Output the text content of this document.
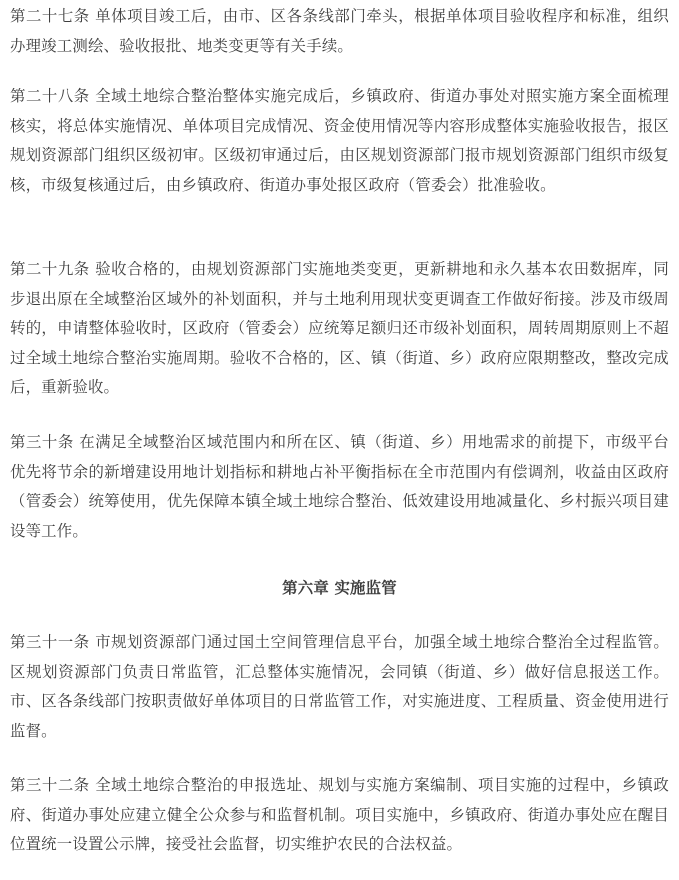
第二十七条 单体项目竣工后，由市、区各条线部门牵头，根据单体项目验收程序和标准，组织办理竣工测绘、验收报批、地类变更等有关手续。

第二十八条 全域土地综合整治整体实施完成后，乡镇政府、街道办事处对照实施方案全面梳理核实，将总体实施情况、单体项目完成情况、资金使用情况等内容形成整体实施验收报告，报区规划资源部门组织区级初审。区级初审通过后，由区规划资源部门报市规划资源部门组织市级复核，市级复核通过后，由乡镇政府、街道办事处报区政府（管委会）批准验收。

第二十九条 验收合格的，由规划资源部门实施地类变更，更新耕地和永久基本农田数据库，同步退出原在全域整治区域外的补划面积，并与土地利用现状变更调查工作做好衔接。涉及市级周转的，申请整体验收时，区政府（管委会）应统筹足额归还市级补划面积，周转周期原则上不超过全域土地综合整治实施周期。验收不合格的，区、镇（街道、乡）政府应限期整改，整改完成后，重新验收。

第三十条 在满足全域整治区域范围内和所在区、镇（街道、乡）用地需求的前提下，市级平台优先将节余的新增建设用地计划指标和耕地占补平衡指标在全市范围内有偿调剂，收益由区政府（管委会）统筹使用，优先保障本镇全域土地综合整治、低效建设用地减量化、乡村振兴项目建设等工作。

第六章 实施监管

第三十一条 市规划资源部门通过国土空间管理信息平台，加强全域土地综合整治全过程监管。区规划资源部门负责日常监管，汇总整体实施情况，会同镇（街道、乡）做好信息报送工作。市、区各条线部门按职责做好单体项目的日常监管工作，对实施进度、工程质量、资金使用进行监督。

第三十二条 全域土地综合整治的申报选址、规划与实施方案编制、项目实施的过程中，乡镇政府、街道办事处应建立健全公众参与和监督机制。项目实施中，乡镇政府、街道办事处应在醒目位置统一设置公示牌，接受社会监督，切实维护农民的合法权益。
